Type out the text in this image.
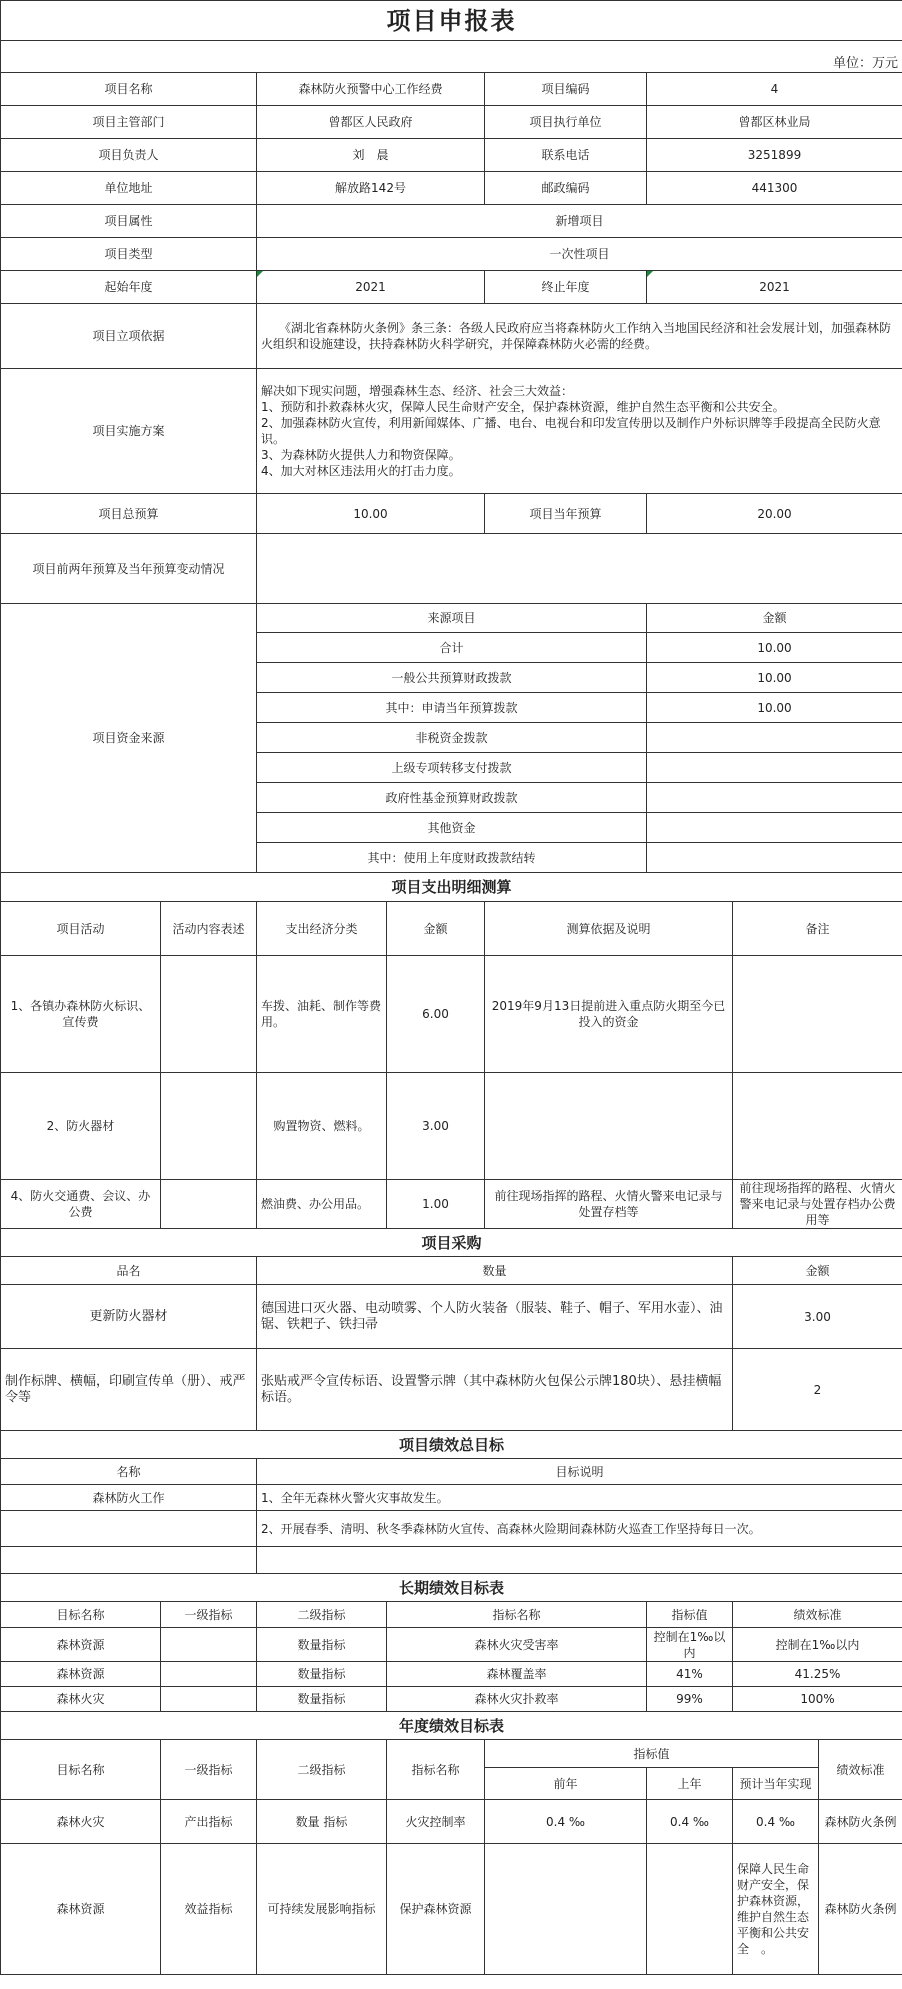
项目申报表							
单位：万元							
项目名称		森林防火预警中心工作经费		项目编码	4		
项目主管部门		曾都区人民政府		项目执行单位	曾都区林业局		
项目负责人		刘　晨		联系电话	3251899		
单位地址		解放路142号		邮政编码	441300		
项目属性		新增项目					
项目类型		一次性项目					
起始年度		2021		终止年度	2021		
项目立项依据		　　《湖北省森林防火条例》条三条：各级人民政府应当将森林防火工作纳入当地国民经济和社会发展计划，加强森林防火组织和设施建设，扶持森林防火科学研究，并保障森林防火必需的经费。					
项目实施方案		解决如下现实问题，增强森林生态、经济、社会三大效益：
1、预防和扑救森林火灾，保障人民生命财产安全，保护森林资源，维护自然生态平衡和公共安全。
2、加强森林防火宣传，利用新闻媒体、广播、电台、电视台和印发宣传册以及制作户外标识牌等手段提高全民防火意识。
3、为森林防火提供人力和物资保障。
4、加大对林区违法用火的打击力度。					

项目总预算		10.00		项目当年预算	20.00		
项目前两年预算及当年预算变动情况							
项目资金来源		来源项目			金额		
		合计			10.00		
		一般公共预算财政拨款			10.00		
		其中：申请当年预算拨款			10.00		
		非税资金拨款					
		上级专项转移支付拨款					
		政府性基金预算财政拨款					
		其他资金					
		其中：使用上年度财政拨款结转					
项目支出明细测算							
项目活动	活动内容表述	支出经济分类	金额	测算依据及说明		备注	
1、各镇办森林防火标识、宣传费		车拨、油耗、制作等费用。	6.00	2019年9月13日提前进入重点防火期至今已投入的资金			
2、防火器材		购置物资、燃料。	3.00				
4、防火交通费、会议、办公费		燃油费、办公用品。	1.00	前往现场指挥的路程、火情火警来电记录与处置存档等		前往现场指挥的路程、火情火警来电记录与处置存档办公费用等	
项目采购							
品名		数量				金额	
更新防火器材		德国进口灭火器、电动喷雾、个人防火装备（服装、鞋子、帽子、军用水壶）、油锯、铁耙子、铁扫帚				3.00	
制作标牌、横幅，印刷宣传单（册）、戒严令等		张贴戒严令宣传标语、设置警示牌（其中森林防火包保公示牌180块）、悬挂横幅标语。				2	
项目绩效总目标							
名称		目标说明					
森林防火工作		1、全年无森林火警火灾事故发生。					
		2、开展春季、清明、秋冬季森林防火宣传、高森林火险期间森林防火巡查工作坚持每日一次。					

长期绩效目标表							
目标名称	一级指标	二级指标	指标名称		指标值	绩效标准	
森林资源		数量指标	森林火灾受害率		控制在1‰以内	控制在1‰以内	
森林资源		数量指标	森林覆盖率		41%	41.25%	
森林火灾		数量指标	森林火灾扑救率		99%	100%	
年度绩效目标表							
目标名称	一级指标	二级指标	指标名称	指标值			绩效标准
				前年	上年	预计当年实现	
森林火灾	产出指标	数量 指标	火灾控制率	0.4 ‰	0.4 ‰	0.4 ‰	森林防火条例
森林资源	效益指标	可持续发展影响指标	保护森林资源			保障人民生命财产安全，保护森林资源，维护自然生态平衡和公共安全　。	森林防火条例
